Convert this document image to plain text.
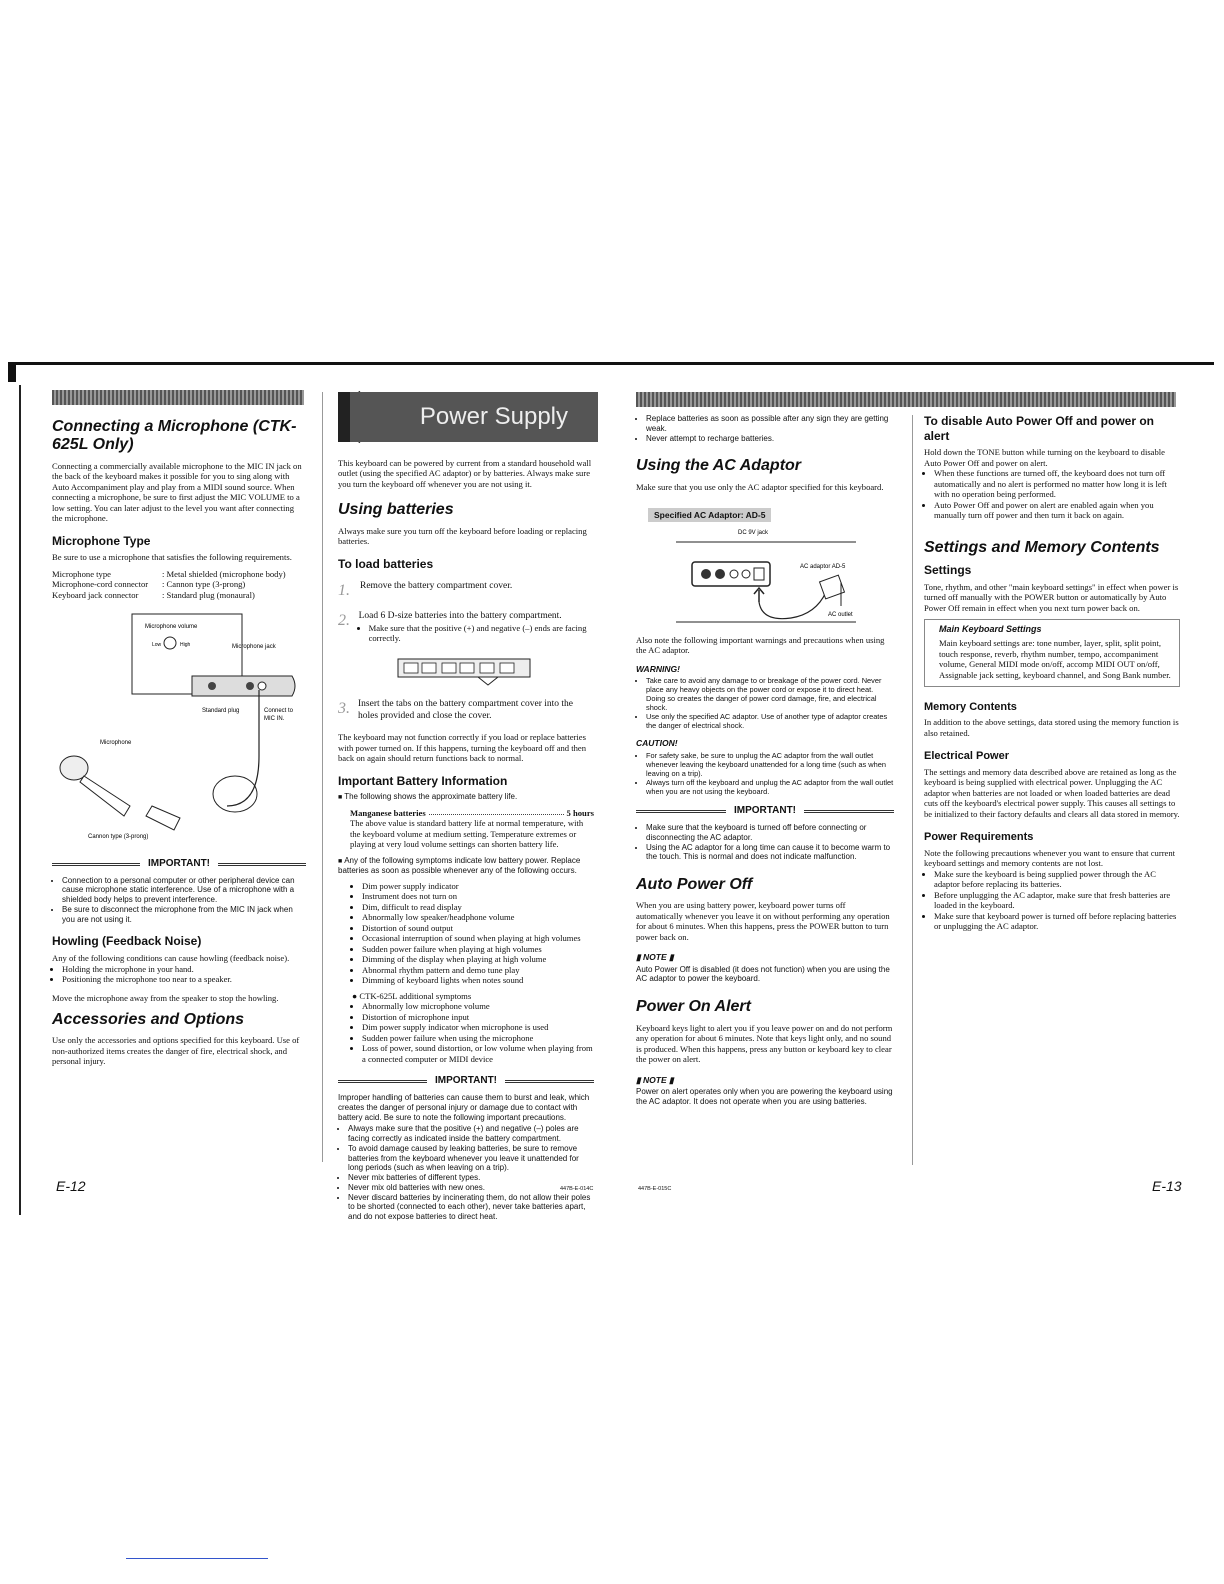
Connecting a Microphone (CTK-625L Only)

Connecting a commercially available microphone to the MIC IN jack on the back of the keyboard makes it possible for you to sing along with Auto Accompaniment play and play from a MIDI sound source. When connecting a microphone, be sure to first adjust the MIC VOLUME to a low setting. You can later adjust to the level you want after connecting the microphone.

Microphone Type

Be sure to use a microphone that satisfies the following requirements.

Microphone type	: Metal shielded (microphone body)
Microphone-cord connector	: Cannon type (3-prong)
Keyboard jack connector	: Standard plug (monaural)
Microphone volume
Low	High	Microphone jack
Standard plug	Connect to
MIC IN.
Microphone
Cannon type (3-prong)
IMPORTANT!
• Connection to a personal computer or other peripheral device can cause microphone static interference. Use of a microphone with a shielded body helps to prevent interference.
• Be sure to disconnect the microphone from the MIC IN jack when you are not using it.
Howling (Feedback Noise)

Any of the following conditions can cause howling (feedback noise).

• Holding the microphone in your hand.
• Positioning the microphone too near to a speaker.

Move the microphone away from the speaker to stop the howling.

Accessories and Options

Use only the accessories and options specified for this keyboard. Use of non-authorized items creates the danger of fire, electrical shock, and personal injury.

E-12
Power Supply

This keyboard can be powered by current from a standard household wall outlet (using the specified AC adaptor) or by batteries. Always make sure you turn the keyboard off whenever you are not using it.

Using batteries

Always make sure you turn off the keyboard before loading or replacing batteries.

To load batteries
1. Remove the battery compartment cover.
2. Load 6 D-size batteries into the battery compartment.
• Make sure that the positive (+) and negative (–) ends are facing correctly.
3. Insert the tabs on the battery compartment cover into the holes provided and close the cover.

The keyboard may not function correctly if you load or replace batteries with power turned on. If this happens, turning the keyboard off and then back on again should return functions back to normal.

Important Battery Information
■ The following shows the approximate battery life.
Manganese batteries	5 hours

The above value is standard battery life at normal temperature, with the keyboard volume at medium setting. Temperature extremes or playing at very loud volume settings can shorten battery life.

■ Any of the following symptoms indicate low battery power. Replace batteries as soon as possible whenever any of the following occurs.
• Dim power supply indicator
• Instrument does not turn on
• Dim, difficult to read display
• Abnormally low speaker/headphone volume
• Distortion of sound output
• Occasional interruption of sound when playing at high volumes
• Sudden power failure when playing at high volumes
• Dimming of the display when playing at high volume
• Abnormal rhythm pattern and demo tune play
• Dimming of keyboard lights when notes sound
● CTK-625L additional symptoms
• Abnormally low microphone volume
• Distortion of microphone input
• Dim power supply indicator when microphone is used
• Sudden power failure when using the microphone
• Loss of power, sound distortion, or low volume when playing from a connected computer or MIDI device
IMPORTANT!

Improper handling of batteries can cause them to burst and leak, which creates the danger of personal injury or damage due to contact with battery acid. Be sure to note the following important precautions.

• Always make sure that the positive (+) and negative (–) poles are facing correctly as indicated inside the battery compartment.
• To avoid damage caused by leaking batteries, be sure to remove batteries from the keyboard whenever you leave it unattended for long periods (such as when leaving on a trip).
• Never mix batteries of different types.
• Never mix old batteries with new ones.
• Never discard batteries by incinerating them, do not allow their poles to be shorted (connected to each other), never take batteries apart, and do not expose batteries to direct heat.
447B-E-014C
• Replace batteries as soon as possible after any sign they are getting weak.
• Never attempt to recharge batteries.
Using the AC Adaptor

Make sure that you use only the AC adaptor specified for this keyboard.

Specified AC Adaptor: AD-5
DC 9V jack
AC adaptor AD-5
AC outlet

Also note the following important warnings and precautions when using the AC adaptor.

WARNING!
• Take care to avoid any damage to or breakage of the power cord. Never place any heavy objects on the power cord or expose it to direct heat. Doing so creates the danger of power cord damage, fire, and electrical shock.
• Use only the specified AC adaptor. Use of another type of adaptor creates the danger of electrical shock.
CAUTION!
• For safety sake, be sure to unplug the AC adaptor from the wall outlet whenever leaving the keyboard unattended for a long time (such as when leaving on a trip).
• Always turn off the keyboard and unplug the AC adaptor from the wall outlet when you are not using the keyboard.
IMPORTANT!
• Make sure that the keyboard is turned off before connecting or disconnecting the AC adaptor.
• Using the AC adaptor for a long time can cause it to become warm to the touch. This is normal and does not indicate malfunction.
Auto Power Off

When you are using battery power, keyboard power turns off automatically whenever you leave it on without performing any operation for about 6 minutes. When this happens, press the POWER button to turn power back on.

▮ NOTE ▮

Auto Power Off is disabled (it does not function) when you are using the AC adaptor to power the keyboard.

Power On Alert

Keyboard keys light to alert you if you leave power on and do not perform any operation for about 6 minutes. Note that keys light only, and no sound is produced. When this happens, press any button or keyboard key to clear the power on alert.

▮ NOTE ▮

Power on alert operates only when you are powering the keyboard using the AC adaptor. It does not operate when you are using batteries.

447B-E-015C
To disable Auto Power Off and power on alert

Hold down the TONE button while turning on the keyboard to disable Auto Power Off and power on alert.

• When these functions are turned off, the keyboard does not turn off automatically and no alert is performed no matter how long it is left with no operation being performed.
• Auto Power Off and power on alert are enabled again when you manually turn off power and then turn it back on again.
Settings and Memory Contents
Settings

Tone, rhythm, and other "main keyboard settings" in effect when power is turned off manually with the POWER button or automatically by Auto Power Off remain in effect when you next turn power back on.

Main Keyboard Settings
Main keyboard settings are: tone number, layer, split, split point, touch response, reverb, rhythm number, tempo, accompaniment volume, General MIDI mode on/off, accomp MIDI OUT on/off, Assignable jack setting, keyboard channel, and Song Bank number.
Memory Contents

In addition to the above settings, data stored using the memory function is also retained.

Electrical Power

The settings and memory data described above are retained as long as the keyboard is being supplied with electrical power. Unplugging the AC adaptor when batteries are not loaded or when loaded batteries are dead cuts off the keyboard's electrical power supply. This causes all settings to be initialized to their factory defaults and clears all data stored in memory.

Power Requirements

Note the following precautions whenever you want to ensure that current keyboard settings and memory contents are not lost.

• Make sure the keyboard is being supplied power through the AC adaptor before replacing its batteries.
• Before unplugging the AC adaptor, make sure that fresh batteries are loaded in the keyboard.
• Make sure that keyboard power is turned off before replacing batteries or unplugging the AC adaptor.
E-13
